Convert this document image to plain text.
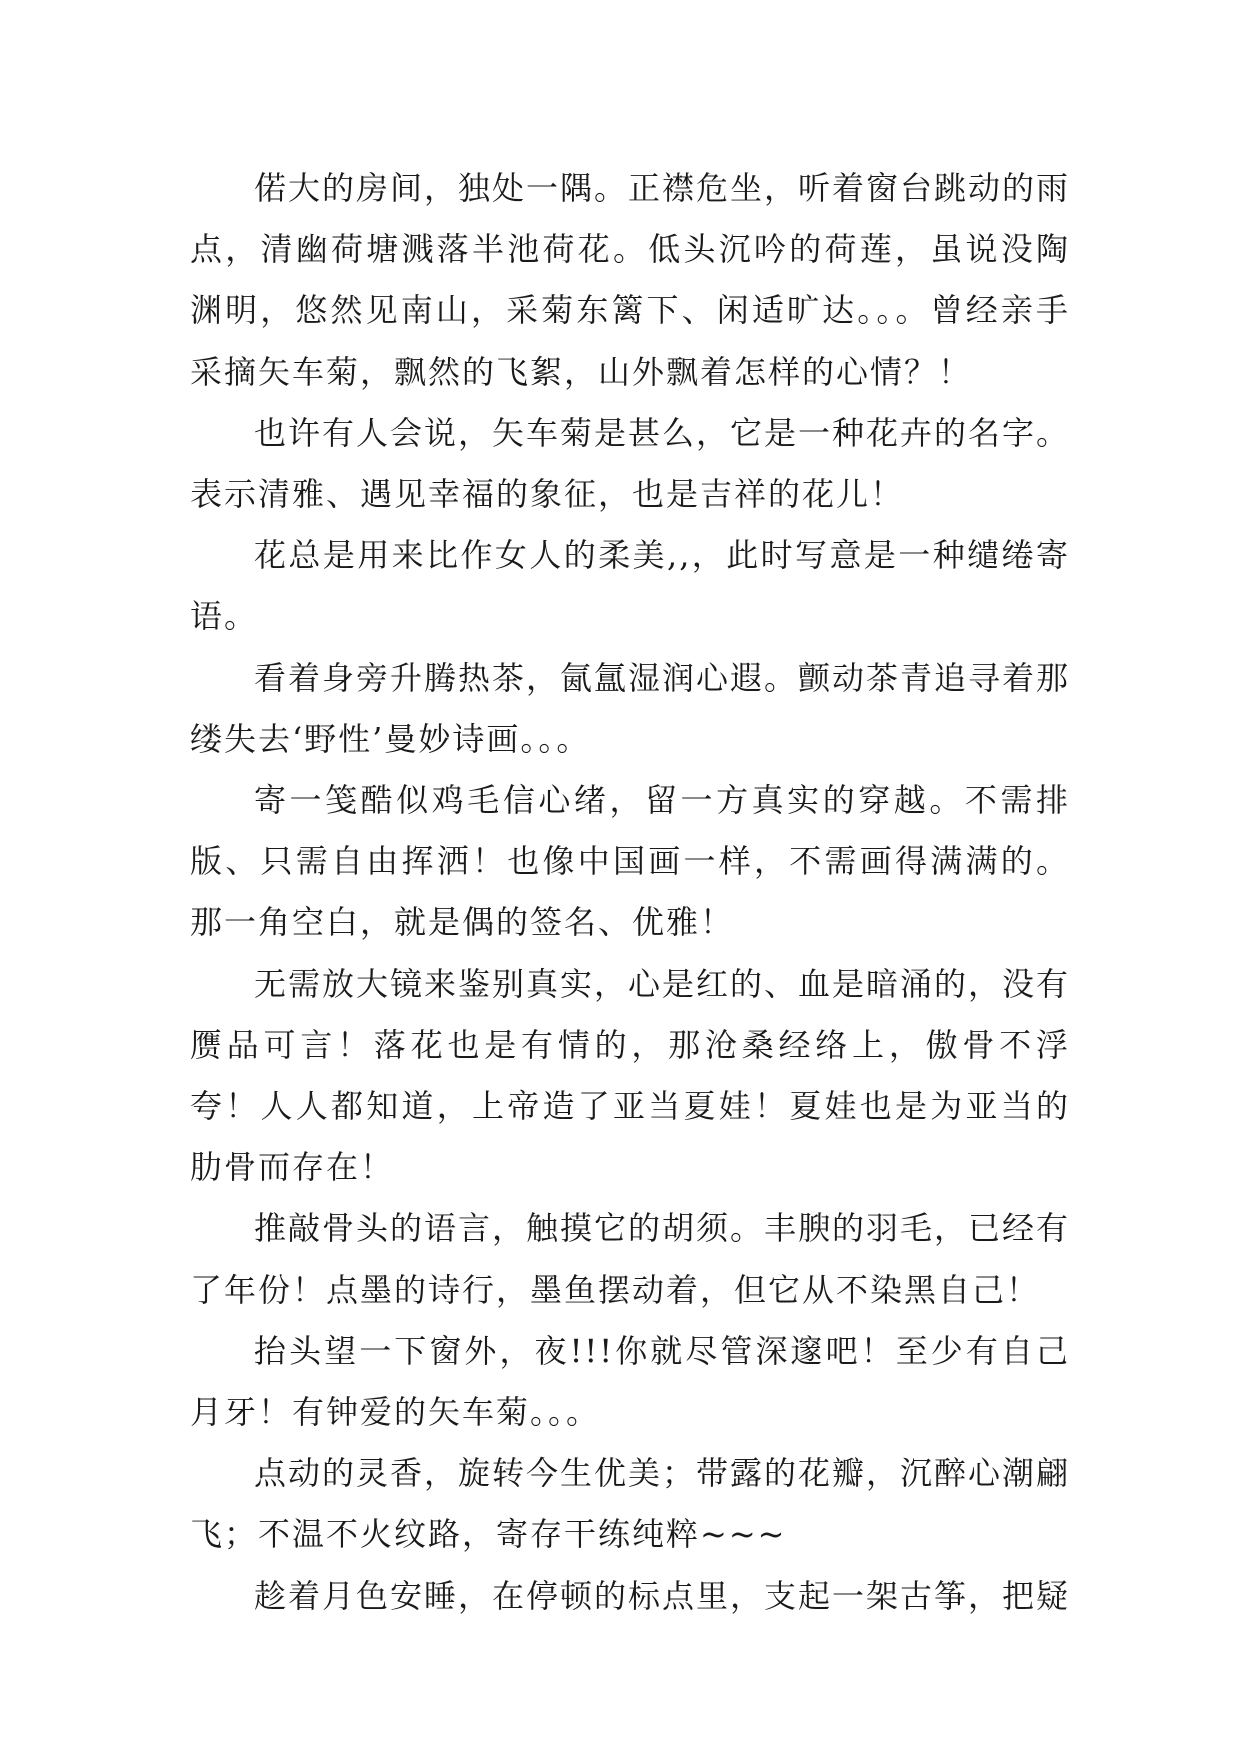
偌大的房间，独处一隅。正襟危坐，听着窗台跳动的雨点，清幽荷塘溅落半池荷花。低头沉吟的荷莲，虽说没陶渊明，悠然见南山，采菊东篱下、闲适旷达。。。曾经亲手采摘矢车菊，飘然的飞絮，山外飘着怎样的心情？！

也许有人会说，矢车菊是甚么，它是一种花卉的名字。表示清雅、遇见幸福的象征，也是吉祥的花儿！

花总是用来比作女人的柔美,,，此时写意是一种缱绻寄语。

看着身旁升腾热茶，氤氲湿润心遐。颤动茶青追寻着那缕失去‘野性’曼妙诗画。。。

寄一笺酷似鸡毛信心绪，留一方真实的穿越。不需排版、只需自由挥洒！也像中国画一样，不需画得满满的。那一角空白，就是偶的签名、优雅！

无需放大镜来鉴别真实，心是红的、血是暗涌的，没有赝品可言！落花也是有情的，那沧桑经络上，傲骨不浮夸！人人都知道，上帝造了亚当夏娃！夏娃也是为亚当的肋骨而存在！

推敲骨头的语言，触摸它的胡须。丰腴的羽毛，已经有了年份！点墨的诗行，墨鱼摆动着，但它从不染黑自己！

抬头望一下窗外，夜!!!你就尽管深邃吧！至少有自己月牙！有钟爱的矢车菊。。。

点动的灵香，旋转今生优美；带露的花瓣，沉醉心潮翩飞；不温不火纹路，寄存干练纯粹~~~

趁着月色安睡，在停顿的标点里，支起一架古筝，把疑
